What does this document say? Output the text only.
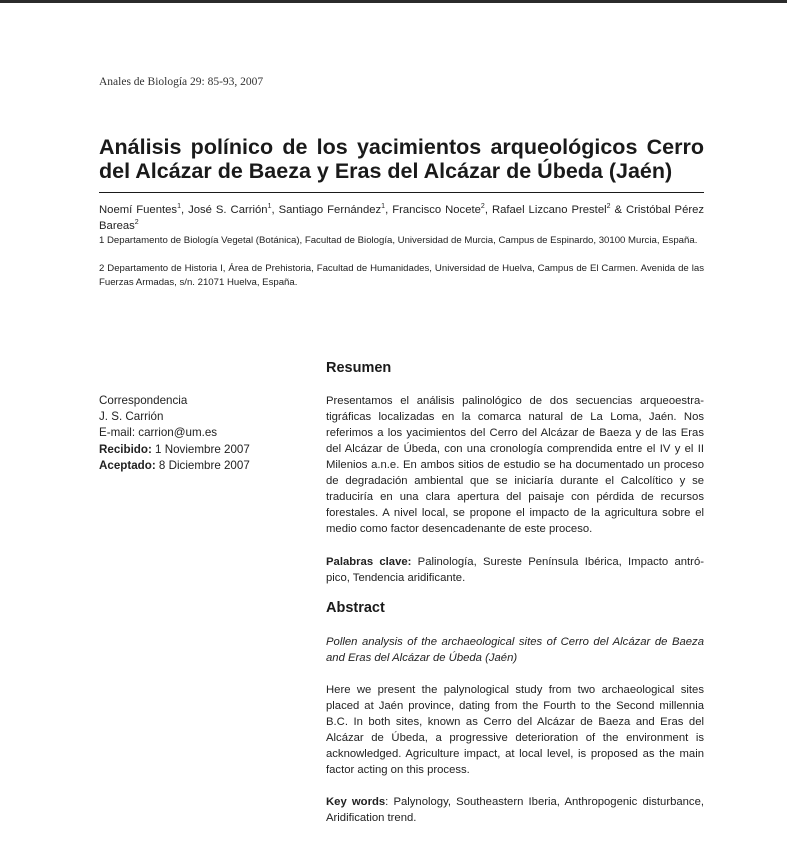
Anales de Biología 29: 85-93, 2007
Análisis polínico de los yacimientos arqueológicos Cerro del Alcázar de Baeza y Eras del Alcázar de Úbeda (Jaén)
Noemí Fuentes$^1$, José S. Carrión$^1$, Santiago Fernández$^1$, Francisco Nocete$^2$, Rafael Lizcano Prestel$^2$ & Cristóbal Pérez Bareas$^2$
1 Departamento de Biología Vegetal (Botánica), Facultad de Biología, Universidad de Murcia, Campus de Espinardo, 30100 Murcia, España.
2 Departamento de Historia I, Área de Prehistoria, Facultad de Humanidades, Universidad de Huelva, Campus de El Carmen. Avenida de las Fuerzas Armadas, s/n. 21071 Huelva, España.
Correspondencia
J. S. Carrión
E-mail: carrion@um.es
Recibido: 1 Noviembre 2007
Aceptado: 8 Diciembre 2007
Resumen
Presentamos el análisis palinológico de dos secuencias arqueoestra-tigráficas localizadas en la comarca natural de La Loma, Jaén. Nos referimos a los yacimientos del Cerro del Alcázar de Baeza y de las Eras del Alcázar de Úbeda, con una cronología comprendida entre el IV y el II Milenios a.n.e. En ambos sitios de estudio se ha documentado un proceso de degradación ambiental que se iniciaría durante el Calcolítico y se traduciría en una clara apertura del paisaje con pérdida de recursos forestales. A nivel local, se propone el impacto de la agricultura sobre el medio como factor desencadenante de este proceso.
Palabras clave: Palinología, Sureste Península Ibérica, Impacto antró-pico, Tendencia aridificante.
Abstract
Pollen analysis of the archaeological sites of Cerro del Alcázar de Baeza and Eras del Alcázar de Úbeda (Jaén)
Here we present the palynological study from two archaeological sites placed at Jaén province, dating from the Fourth to the Second millennia B.C. In both sites, known as Cerro del Alcázar de Baeza and Eras del Alcázar de Úbeda, a progressive deterioration of the environment is acknowledged. Agriculture impact, at local level, is proposed as the main factor acting on this process.
Key words: Palynology, Southeastern Iberia, Anthropogenic disturbance, Aridification trend.
